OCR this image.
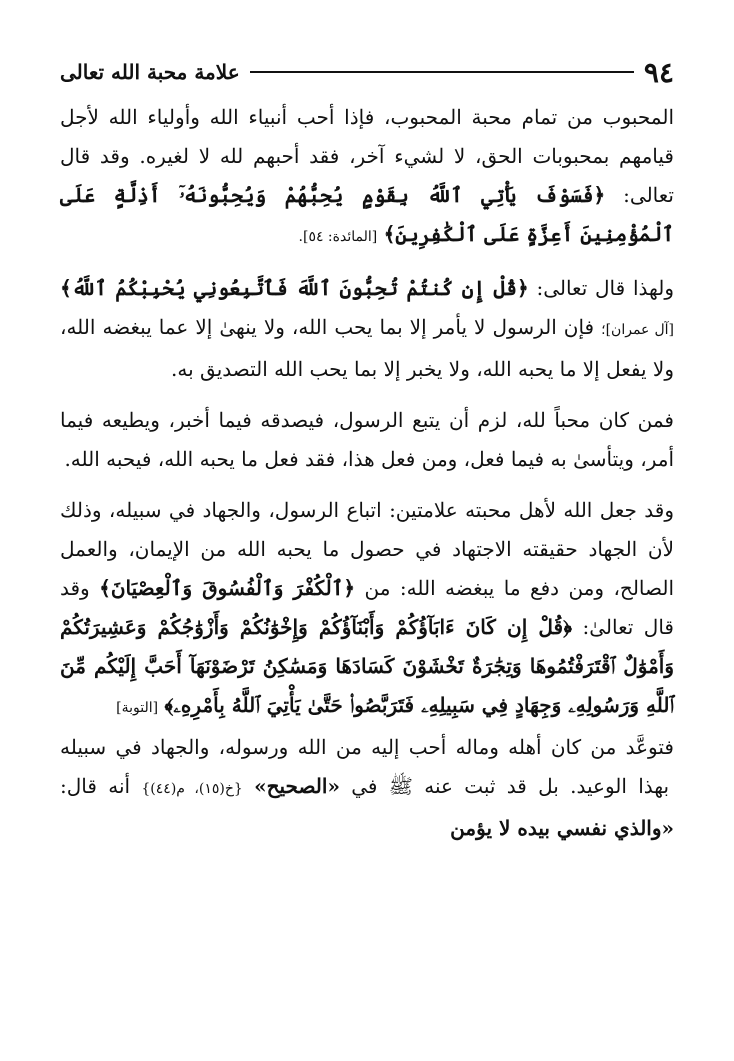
٩٤
علامة محبة الله تعالى

المحبوب من تمام محبة المحبوب، فإذا أحب أنبياء الله وأولياء الله لأجل قيامهم بمحبوبات الحق، لا لشيء آخر، فقد أحبهم لله لا لغيره. وقد قال تعالى: ﴿فَسَوْفَ يَأْتِي ٱللَّهُ بِقَوْمٍ يُحِبُّهُمْ وَيُحِبُّونَهُۥٓ أَذِلَّةٍ عَلَى ٱلْمُؤْمِنِينَ أَعِزَّةٍ عَلَى ٱلْكَٰفِرِينَ﴾ [المائدة: ٥٤].

ولهذا قال تعالى: ﴿قُلْ إِن كُنتُمْ تُحِبُّونَ ٱللَّهَ فَٱتَّبِعُونِي يُحْبِبْكُمُ ٱللَّهُ﴾ [آل عمران]؛ فإن الرسول لا يأمر إلا بما يحب الله، ولا ينهىٰ إلا عما يبغضه الله، ولا يفعل إلا ما يحبه الله، ولا يخبر إلا بما يحب الله التصديق به.

فمن كان محباً لله، لزم أن يتبع الرسول، فيصدقه فيما أخبر، ويطيعه فيما أمر، ويتأسىٰ به فيما فعل، ومن فعل هذا، فقد فعل ما يحبه الله، فيحبه الله.

وقد جعل الله لأهل محبته علامتين: اتباع الرسول، والجهاد في سبيله، وذلك لأن الجهاد حقيقته الاجتهاد في حصول ما يحبه الله من الإيمان، والعمل الصالح، ومن دفع ما يبغضه الله: من ﴿ٱلْكُفْرَ وَٱلْفُسُوقَ وَٱلْعِصْيَانَ﴾ وقد قال تعالىٰ: ﴿قُلْ إِن كَانَ ءَابَآؤُكُمْ وَأَبْنَآؤُكُمْ وَإِخْوَٰنُكُمْ وَأَزْوَٰجُكُمْ وَعَشِيرَتُكُمْ وَأَمْوَٰلٌ ٱقْتَرَفْتُمُوهَا وَتِجَٰرَةٌ تَخْشَوْنَ كَسَادَهَا وَمَسَٰكِنُ تَرْضَوْنَهَآ أَحَبَّ إِلَيْكُم مِّنَ ٱللَّهِ وَرَسُولِهِۦ وَجِهَادٍ فِي سَبِيلِهِۦ فَتَرَبَّصُوا۟ حَتَّىٰ يَأْتِيَ ٱللَّهُ بِأَمْرِهِۦ﴾ [التوبة]

فتوعَّد من كان أهله وماله أحب إليه من الله ورسوله، والجهاد في سبيله بهذا الوعيد. بل قد ثبت عنه ﷺ في «الصحيح» {خ(١٥)، م(٤٤)} أنه قال: «والذي نفسي بيده لا يؤمن
